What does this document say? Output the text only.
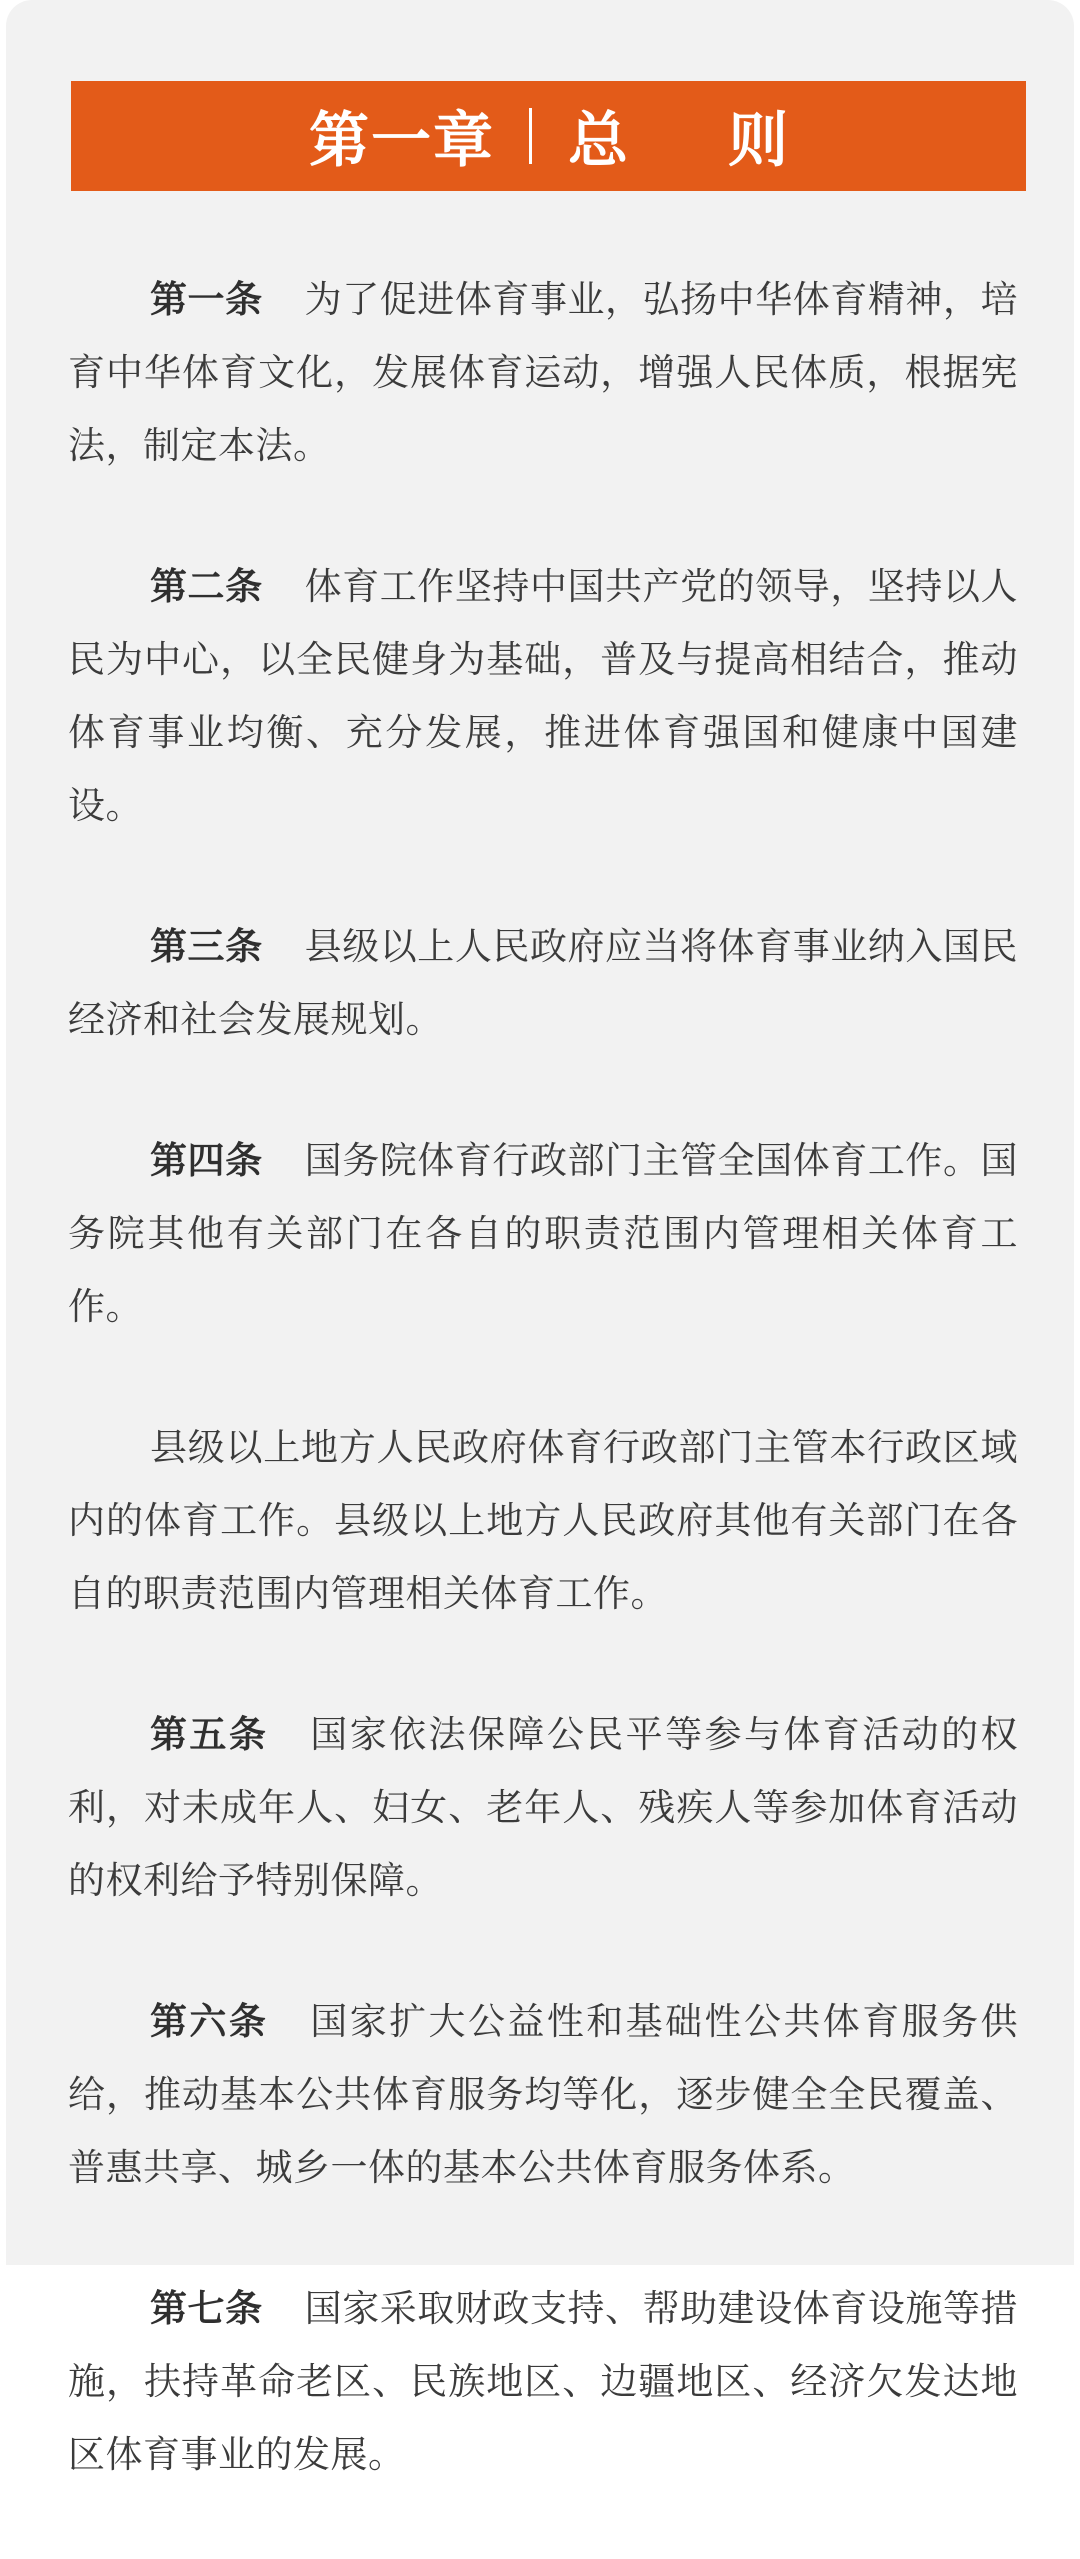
第一章 总则

第一条 为了促进体育事业，弘扬中华体育精神，培育中华体育文化，发展体育运动，增强人民体质，根据宪法，制定本法。

第二条 体育工作坚持中国共产党的领导，坚持以人民为中心，以全民健身为基础，普及与提高相结合，推动体育事业均衡、充分发展，推进体育强国和健康中国建设。

第三条 县级以上人民政府应当将体育事业纳入国民经济和社会发展规划。

第四条 国务院体育行政部门主管全国体育工作。国务院其他有关部门在各自的职责范围内管理相关体育工作。

县级以上地方人民政府体育行政部门主管本行政区域内的体育工作。县级以上地方人民政府其他有关部门在各自的职责范围内管理相关体育工作。

第五条 国家依法保障公民平等参与体育活动的权利，对未成年人、妇女、老年人、残疾人等参加体育活动的权利给予特别保障。

第六条 国家扩大公益性和基础性公共体育服务供给，推动基本公共体育服务均等化，逐步健全全民覆盖、普惠共享、城乡一体的基本公共体育服务体系。

第七条 国家采取财政支持、帮助建设体育设施等措施，扶持革命老区、民族地区、边疆地区、经济欠发达地区体育事业的发展。
